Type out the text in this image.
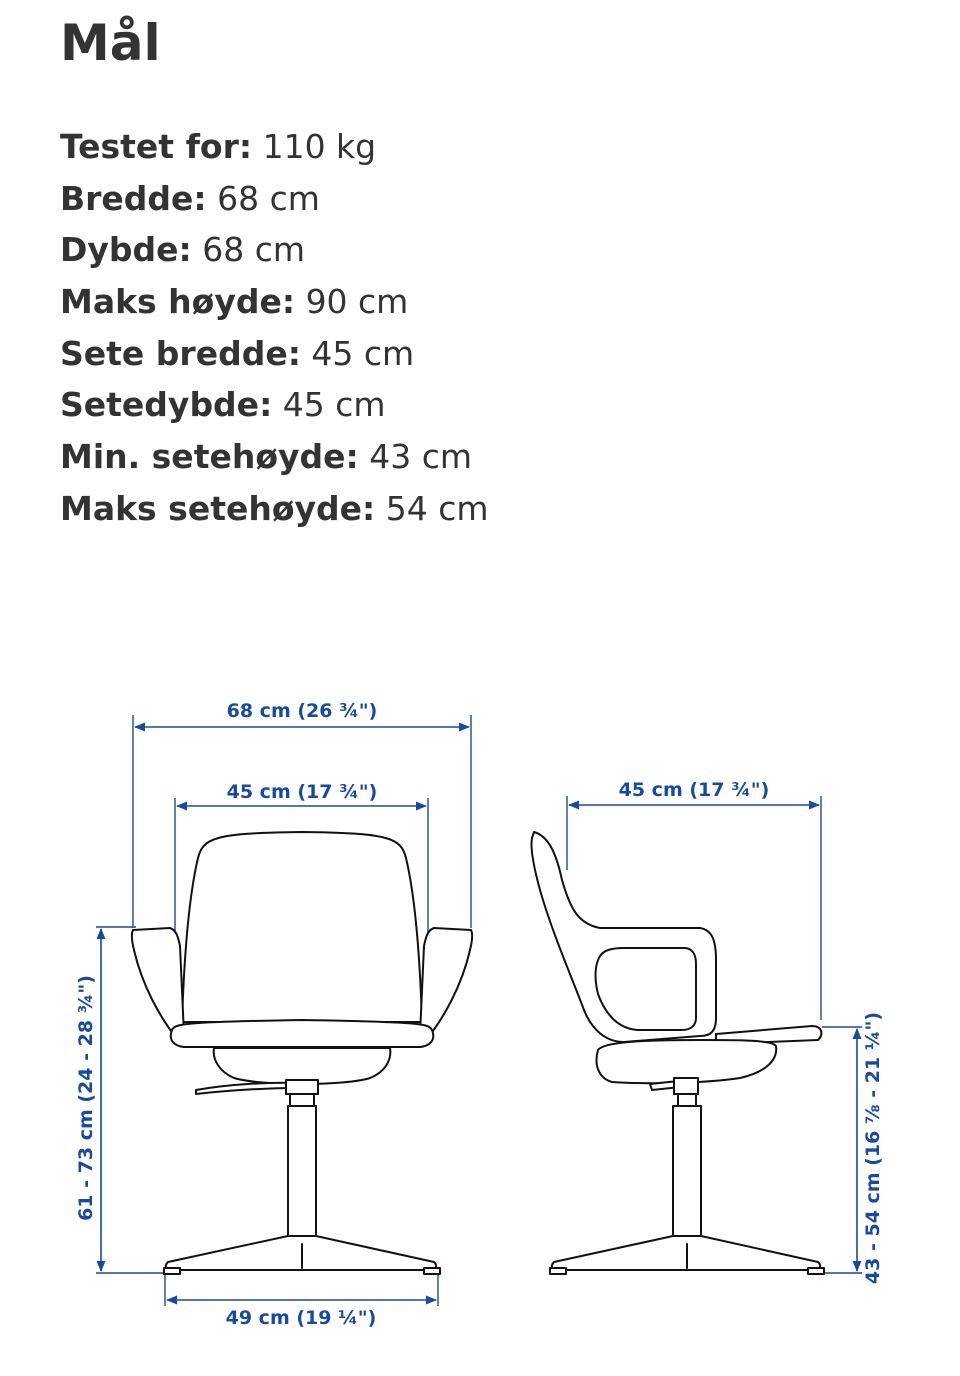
Mål
Testet for: 110 kg
Bredde: 68 cm
Dybde: 68 cm
Maks høyde: 90 cm
Sete bredde: 45 cm
Setedybde: 45 cm
Min. setehøyde: 43 cm
Maks setehøyde: 54 cm
68 cm (26 ¾")
45 cm (17 ¾")
61 - 73 cm (24 - 28 ¾")
49 cm (19 ¼")
45 cm (17 ¾")
43 - 54 cm (16 ⅞ - 21 ¼")
